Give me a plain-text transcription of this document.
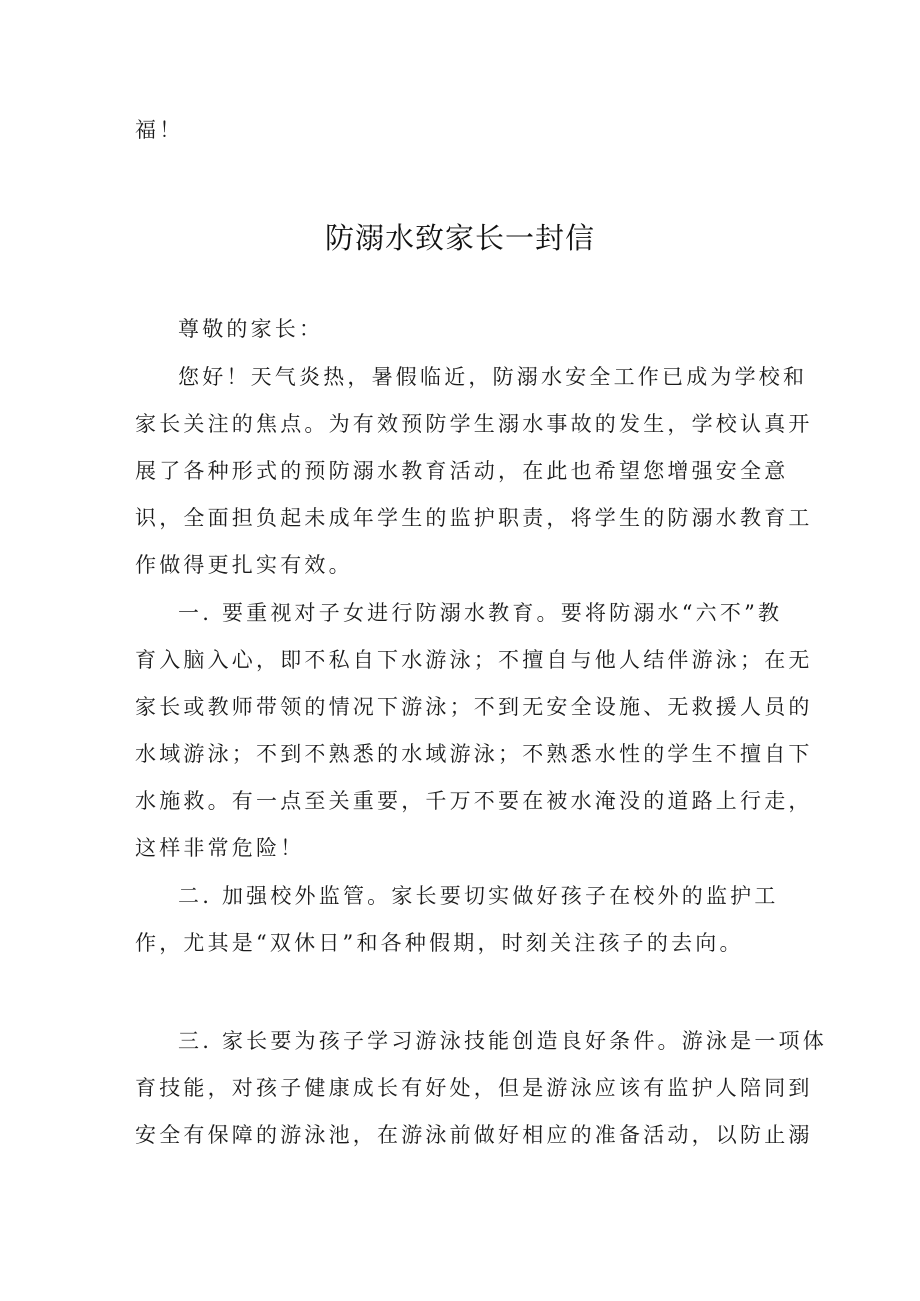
福！
防溺水致家长一封信
尊敬的家长：
您好！天气炎热，暑假临近，防溺水安全工作已成为学校和
家长关注的焦点。为有效预防学生溺水事故的发生，学校认真开
展了各种形式的预防溺水教育活动，在此也希望您增强安全意
识，全面担负起未成年学生的监护职责，将学生的防溺水教育工
作做得更扎实有效。
一. 要重视对子女进行防溺水教育。要将防溺水“六不”教
育入脑入心，即不私自下水游泳；不擅自与他人结伴游泳；在无
家长或教师带领的情况下游泳；不到无安全设施、无救援人员的
水域游泳；不到不熟悉的水域游泳；不熟悉水性的学生不擅自下
水施救。有一点至关重要，千万不要在被水淹没的道路上行走，
这样非常危险！
二. 加强校外监管。家长要切实做好孩子在校外的监护工
作，尤其是“双休日”和各种假期，时刻关注孩子的去向。
三. 家长要为孩子学习游泳技能创造良好条件。游泳是一项体
育技能，对孩子健康成长有好处，但是游泳应该有监护人陪同到
安全有保障的游泳池，在游泳前做好相应的准备活动，以防止溺
